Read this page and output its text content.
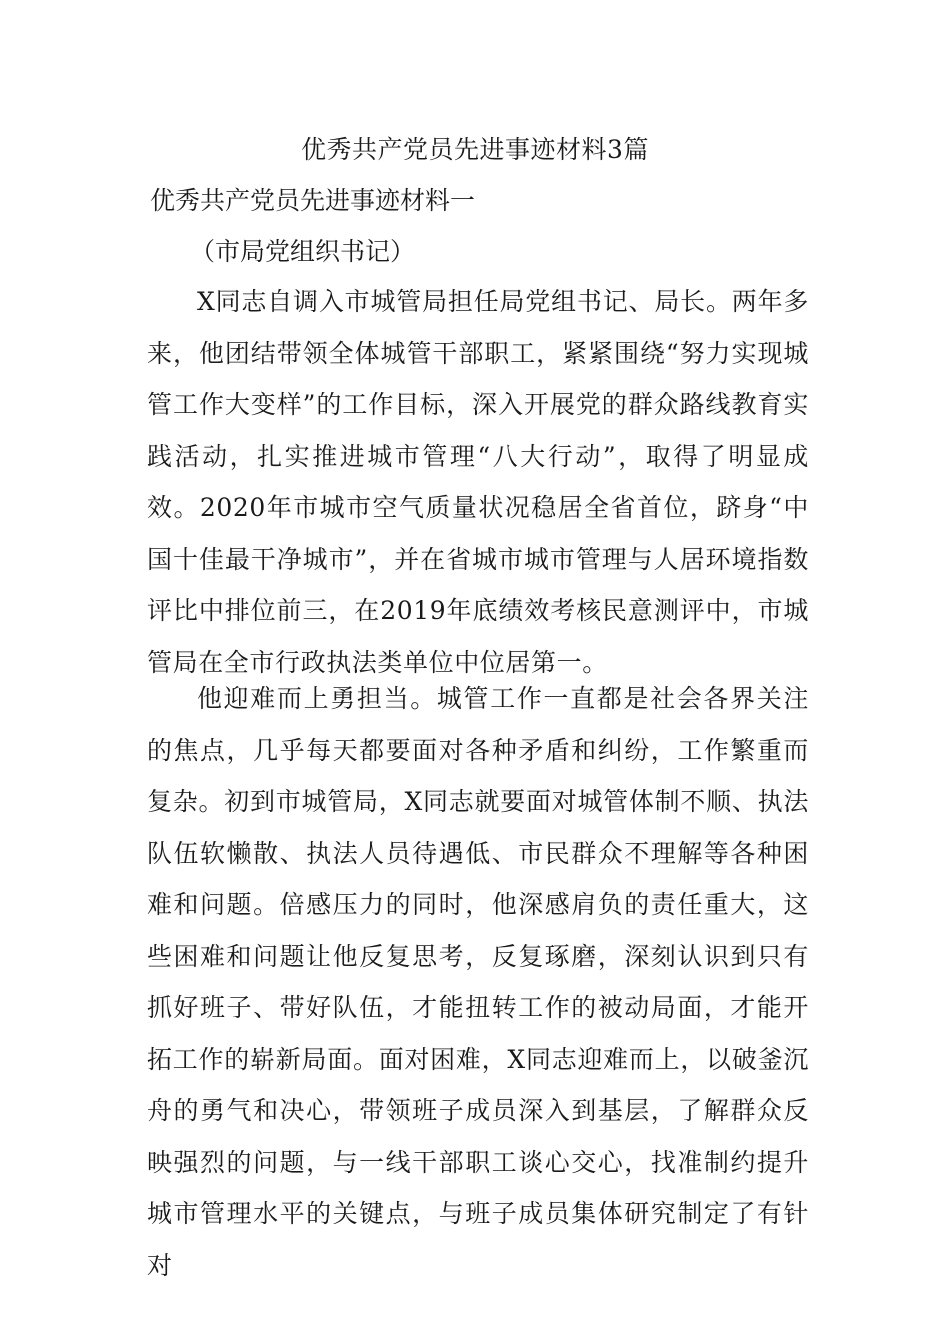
优秀共产党员先进事迹材料3篇
优秀共产党员先进事迹材料一
（市局党组织书记）

X同志自调入市城管局担任局党组书记、局长。两年多来，他团结带领全体城管干部职工，紧紧围绕“努力实现城管工作大变样”的工作目标，深入开展党的群众路线教育实践活动，扎实推进城市管理“八大行动”，取得了明显成效。2020年市城市空气质量状况稳居全省首位，跻身“中国十佳最干净城市”，并在省城市城市管理与人居环境指数评比中排位前三，在2019年底绩效考核民意测评中，市城管局在全市行政执法类单位中位居第一。

他迎难而上勇担当。城管工作一直都是社会各界关注的焦点，几乎每天都要面对各种矛盾和纠纷，工作繁重而复杂。初到市城管局，X同志就要面对城管体制不顺、执法队伍软懒散、执法人员待遇低、市民群众不理解等各种困难和问题。倍感压力的同时，他深感肩负的责任重大，这些困难和问题让他反复思考，反复琢磨，深刻认识到只有抓好班子、带好队伍，才能扭转工作的被动局面，才能开拓工作的崭新局面。面对困难，X同志迎难而上，以破釜沉舟的勇气和决心，带领班子成员深入到基层，了解群众反映强烈的问题，与一线干部职工谈心交心，找准制约提升城市管理水平的关键点，与班子成员集体研究制定了有针对
